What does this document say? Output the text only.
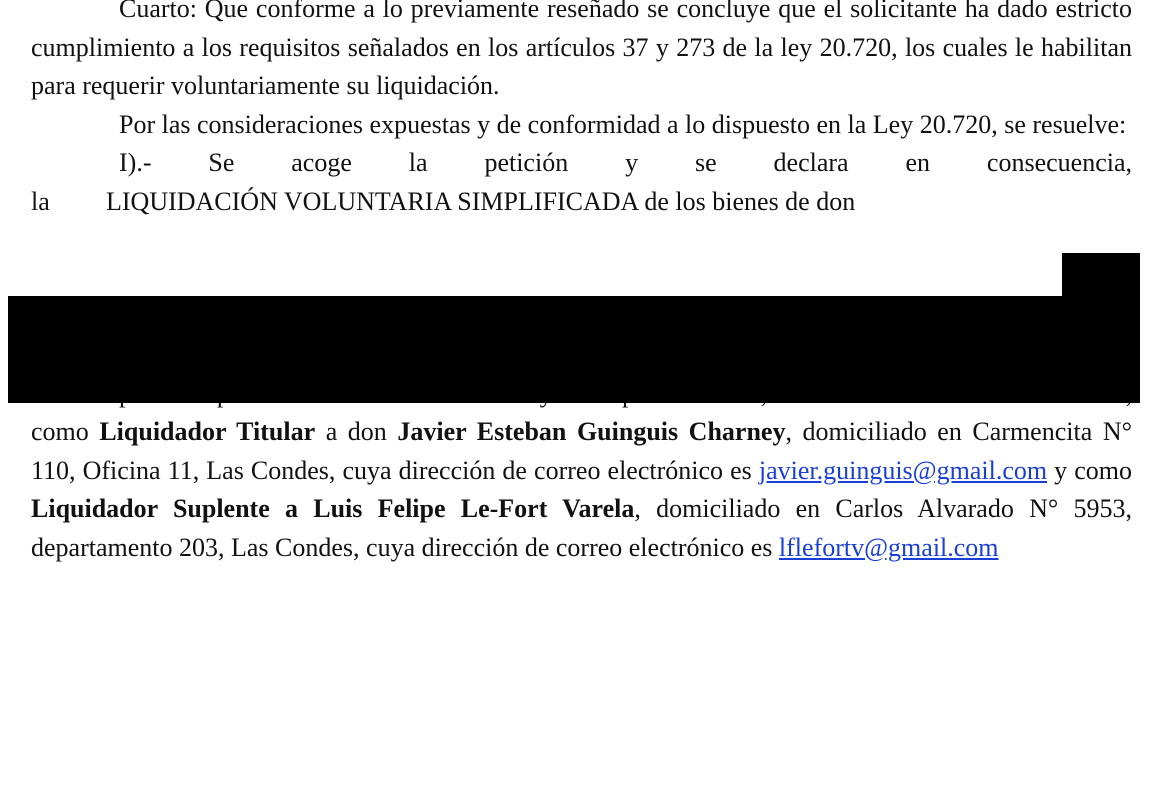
Cuarto: Que conforme a lo previamente reseñado se concluye que el solicitante ha dado estricto cumplimiento a los requisitos señalados en los artículos 37 y 273 de la ley 20.720, los cuales le habilitan para requerir voluntariamente su liquidación.

Por las consideraciones expuestas y de conformidad a lo dispuesto en la Ley 20.720, se resuelve:

I).- Se acoge la petición y se declara en consecuencia,

la	LIQUIDACIÓN VOLUNTARIA SIMPLIFICADA de los bienes de don

como Liquidador Titular a don Javier Esteban Guinguis Charney, domiciliado en Carmencita N° 110, Oficina 11, Las Condes, cuya dirección de correo electrónico es javier.guinguis@gmail.com y como Liquidador Suplente a Luis Felipe Le-Fort Varela, domiciliado en Carlos Alvarado N° 5953, departamento 203, Las Condes, cuya dirección de correo electrónico es lflefortv@gmail.com
